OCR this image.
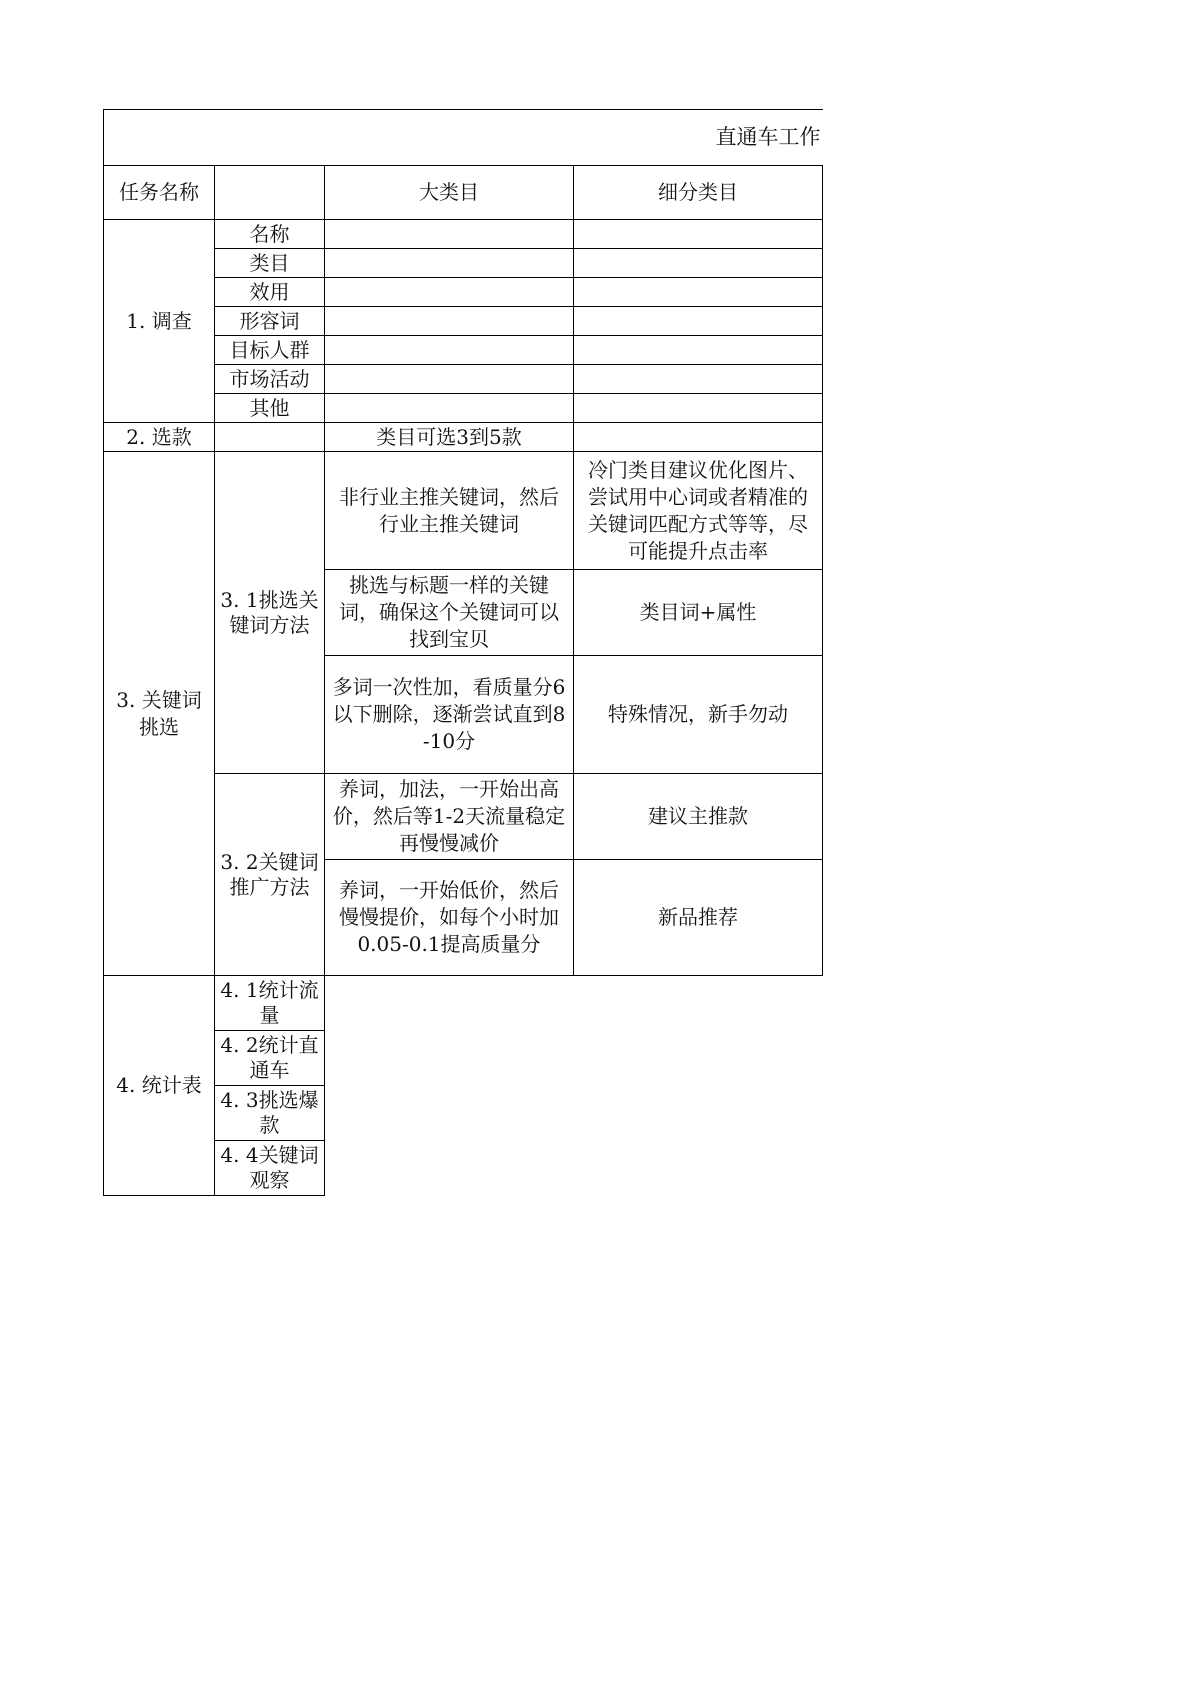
直通车工作			
任务名称		大类目	细分类目
1. 调查	名称		
	类目		
	效用		
	形容词		
	目标人群		
	市场活动		
	其他		
2. 选款		类目可选3到5款	
3. 关键词挑选	3. 1挑选关键词方法	非行业主推关键词，然后行业主推关键词	冷门类目建议优化图片、尝试用中心词或者精准的关键词匹配方式等等，尽可能提升点击率
		挑选与标题一样的关键词，确保这个关键词可以找到宝贝	类目词+属性
		多词一次性加，看质量分6以下删除，逐渐尝试直到8-10分	特殊情况，新手勿动
	3. 2关键词推广方法	养词，加法，一开始出高价，然后等1-2天流量稳定再慢慢减价	建议主推款
		养词，一开始低价，然后慢慢提价，如每个小时加0.05-0.1提高质量分	新品推荐
4. 统计表	4. 1统计流量		
	4. 2统计直通车		
	4. 3挑选爆款		
	4. 4关键词观察		
